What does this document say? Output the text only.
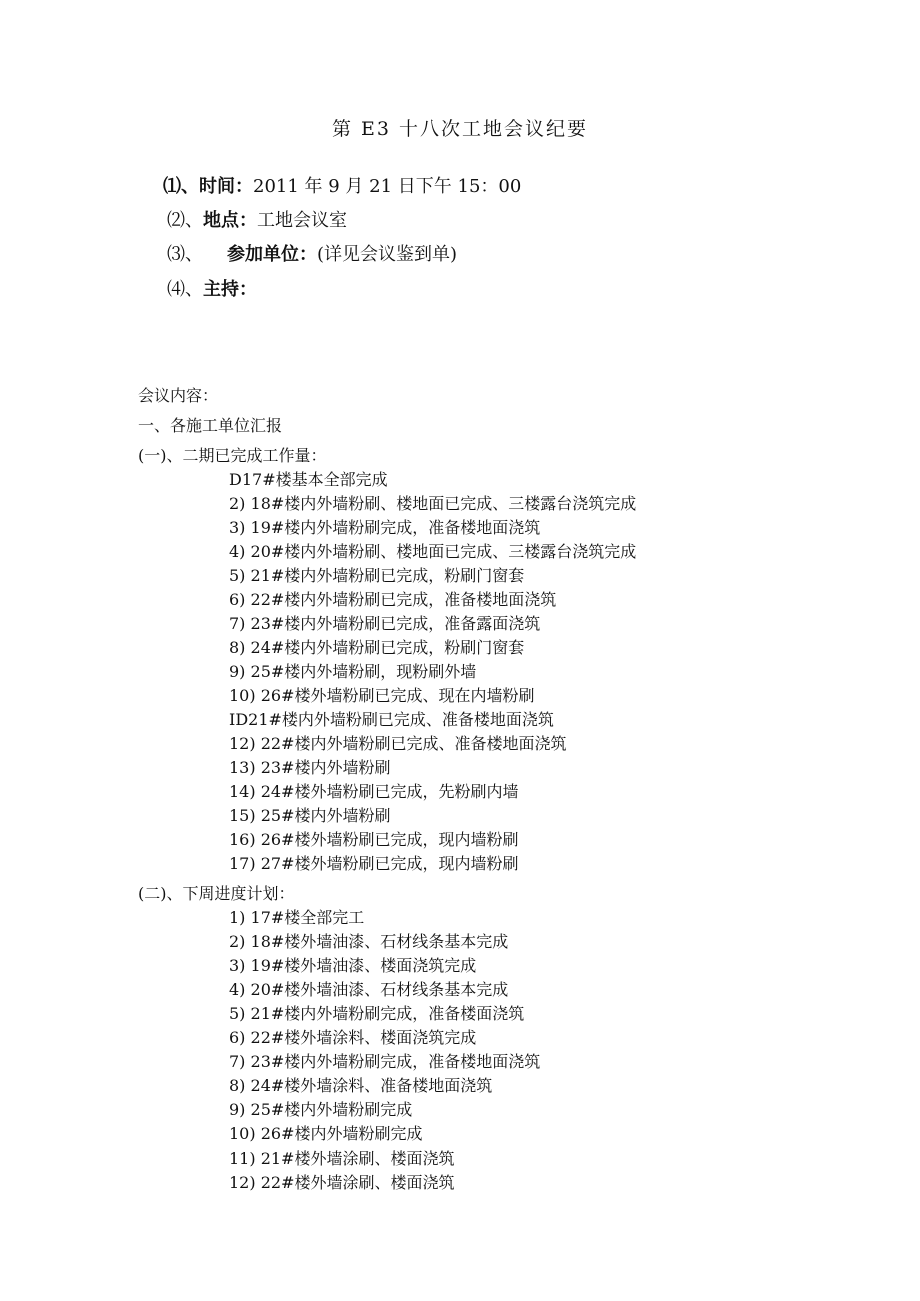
第 E3 十八次工地会议纪要
⑴、时间：2011 年 9 月 21 日下午 15：00
⑵、地点：工地会议室
⑶、 参加单位：(详见会议鉴到单)
⑷、主持：
会议内容：
一、各施工单位汇报
(一)、二期已完成工作量：
D17#楼基本全部完成
2) 18#楼内外墙粉刷、楼地面已完成、三楼露台浇筑完成
3) 19#楼内外墙粉刷完成，准备楼地面浇筑
4) 20#楼内外墙粉刷、楼地面已完成、三楼露台浇筑完成
5) 21#楼内外墙粉刷已完成，粉刷门窗套
6) 22#楼内外墙粉刷已完成，准备楼地面浇筑
7) 23#楼内外墙粉刷已完成，准备露面浇筑
8) 24#楼内外墙粉刷已完成，粉刷门窗套
9) 25#楼内外墙粉刷，现粉刷外墙
10) 26#楼外墙粉刷已完成、现在内墙粉刷
ID21#楼内外墙粉刷已完成、准备楼地面浇筑
12) 22#楼内外墙粉刷已完成、准备楼地面浇筑
13) 23#楼内外墙粉刷
14) 24#楼外墙粉刷已完成，先粉刷内墙
15) 25#楼内外墙粉刷
16) 26#楼外墙粉刷已完成，现内墙粉刷
17) 27#楼外墙粉刷已完成，现内墙粉刷
(二)、下周进度计划：
1) 17#楼全部完工
2) 18#楼外墙油漆、石材线条基本完成
3) 19#楼外墙油漆、楼面浇筑完成
4) 20#楼外墙油漆、石材线条基本完成
5) 21#楼内外墙粉刷完成，准备楼面浇筑
6) 22#楼外墙涂料、楼面浇筑完成
7) 23#楼内外墙粉刷完成，准备楼地面浇筑
8) 24#楼外墙涂料、准备楼地面浇筑
9) 25#楼内外墙粉刷完成
10) 26#楼内外墙粉刷完成
11) 21#楼外墙涂刷、楼面浇筑
12) 22#楼外墙涂刷、楼面浇筑
